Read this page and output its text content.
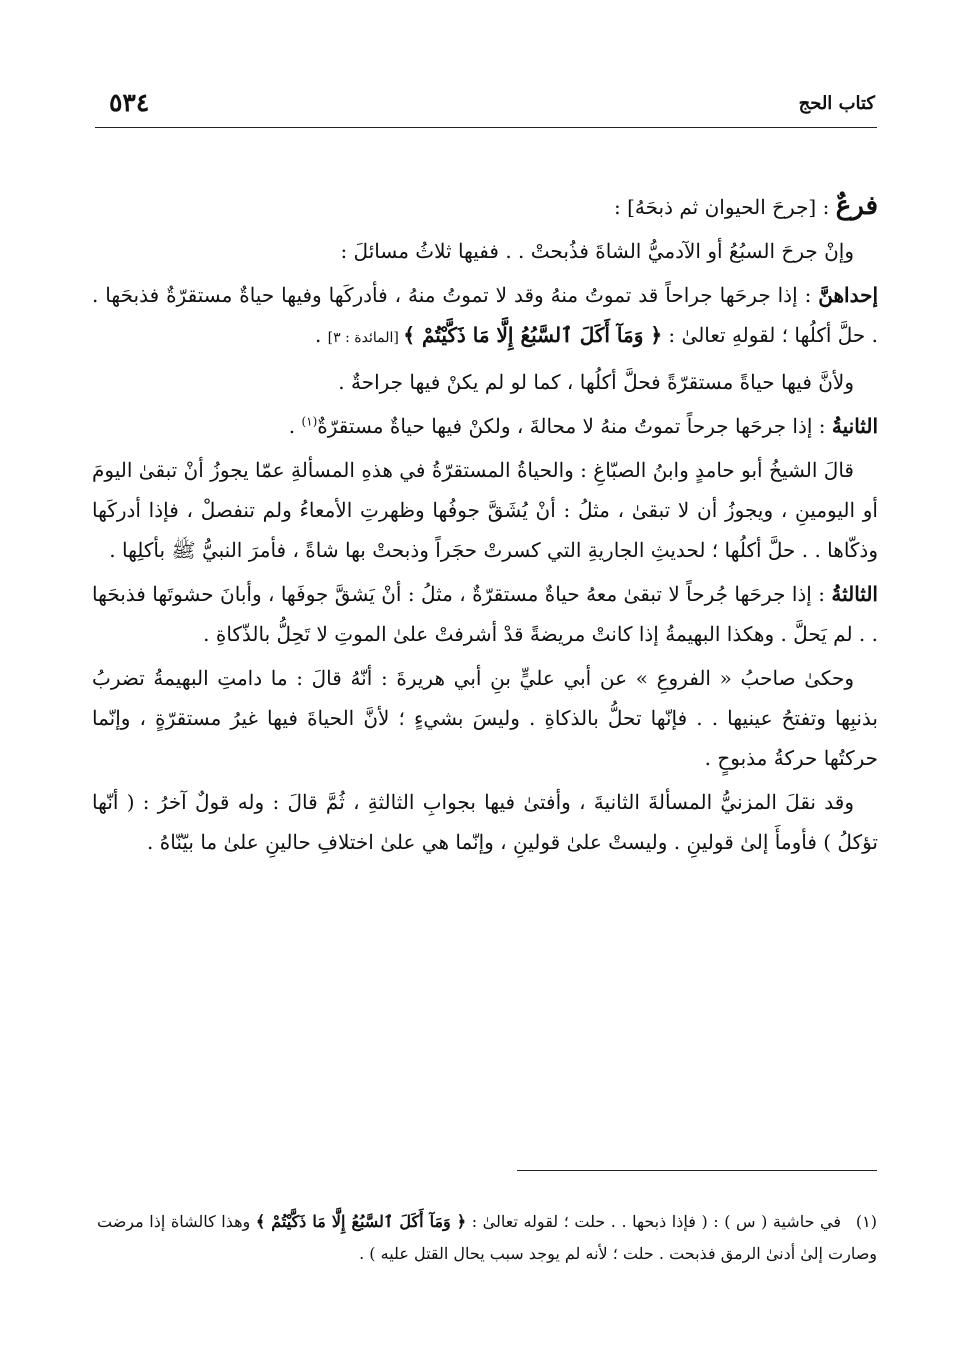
٥٣٤	كتاب الحج

فرعٌ : [جرحَ الحيوان ثم ذبحَهُ] :

وإنْ جرحَ السبُعُ أو الآدميُّ الشاةَ فذُبحتْ . . ففيها ثلاثُ مسائلَ :

إحداهنَّ : إذا جرحَها جراحاً قد تموتُ منهُ وقد لا تموتُ منهُ ، فأدركَها وفيها حياةٌ مستقرّةٌ فذبحَها . . حلَّ أكلُها ؛ لقولهِ تعالىٰ : ﴿ وَمَآ أَكَلَ ٱلسَّبُعُ إِلَّا مَا ذَكَّيْتُمْ ﴾ [المائدة : ٣] .

ولأنَّ فيها حياةً مستقرّةً فحلَّ أكلُها ، كما لو لم يكنْ فيها جراحةٌ .

الثانيةُ : إذا جرحَها جرحاً تموتُ منهُ لا محالةَ ، ولكنْ فيها حياةٌ مستقرّةٌ$^{(١)}$ .

قالَ الشيخُ أبو حامدٍ وابنُ الصبّاغِ : والحياةُ المستقرّةُ في هذهِ المسألةِ عمّا يجوزُ أنْ تبقىٰ اليومَ أو اليومينِ ، ويجوزُ أن لا تبقىٰ ، مثلُ : أنْ يُشَقَّ جوفُها وظهرتِ الأمعاءُ ولم تنفصلْ ، فإذا أدركَها وذكّاها . . حلَّ أكلُها ؛ لحديثِ الجاريةِ التي كسرتْ حجَراً وذبحتْ بها شاةً ، فأمرَ النبيُّ ﷺ بأكلِها .

الثالثةُ : إذا جرحَها جُرحاً لا تبقىٰ معهُ حياةٌ مستقرّةٌ ، مثلُ : أنْ يَشقَّ جوفَها ، وأبانَ حشوتَها فذبحَها . . لم يَحلَّ . وهكذا البهيمةُ إذا كانتْ مريضةً قدْ أشرفتْ علىٰ الموتِ لا تَحِلُّ بالذّكاةِ .

وحكىٰ صاحبُ « الفروعِ » عن أبي عليٍّ بنِ أبي هريرةَ : أنّهُ قالَ : ما دامتِ البهيمةُ تضربُ بذنبِها وتفتحُ عينيها . . فإنّها تحلُّ بالذكاةِ . وليسَ بشيءٍ ؛ لأنَّ الحياةَ فيها غيرُ مستقرّةٍ ، وإنّما حركتُها حركةُ مذبوحٍ .

وقد نقلَ المزنيُّ المسألةَ الثانيةَ ، وأفتىٰ فيها بجوابِ الثالثةِ ، ثُمَّ قالَ : وله قولٌ آخرُ : ( أنّها تؤكلُ ) فأومأَ إلىٰ قولينِ . وليستْ علىٰ قولينِ ، وإنّما هي علىٰ اختلافِ حالينِ علىٰ ما بيّنّاهُ .

(١)في حاشية ( س ) : ( فإذا ذبحها . . حلت ؛ لقوله تعالىٰ : ﴿ وَمَآ أَكَلَ ٱلسَّبُعُ إِلَّا مَا ذَكَّيْتُمْ ﴾ وهذا كالشاة إذا مرضت وصارت إلىٰ أدنىٰ الرمق فذبحت . حلت ؛ لأنه لم يوجد سبب يحال القتل عليه ) .
